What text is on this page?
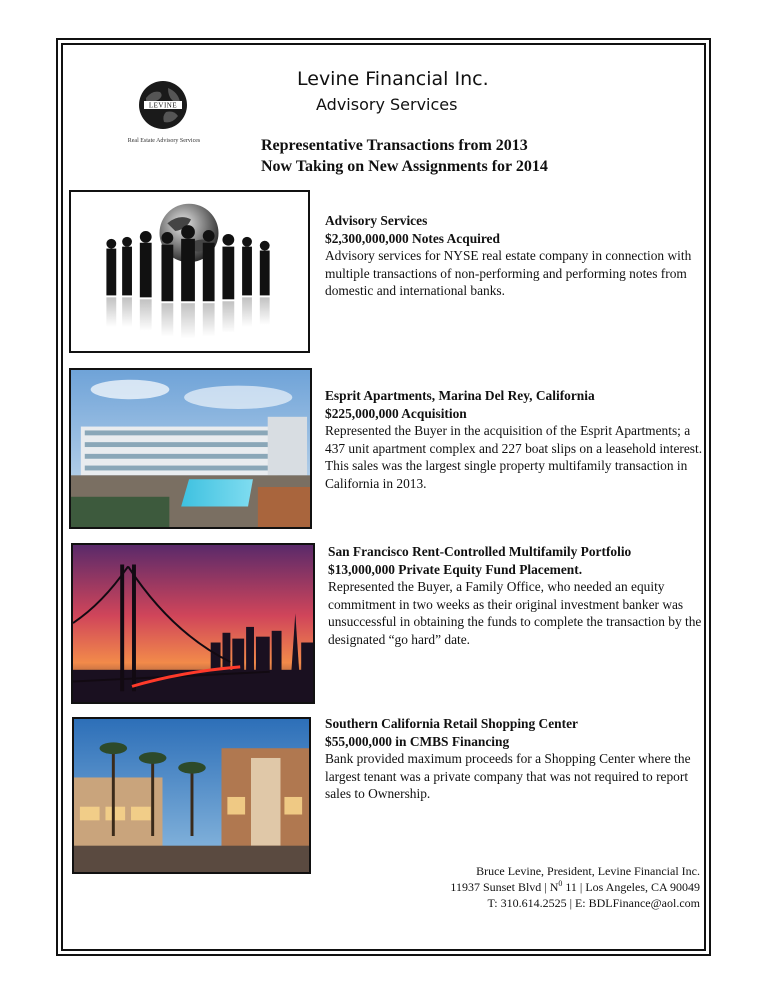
LEVINE
Real Estate Advisory Services
Levine Financial Inc.
Advisory Services
Representative Transactions from 2013
Now Taking on New Assignments for 2014
Advisory Services
$2,300,000,000 Notes Acquired
Advisory services for NYSE real estate company in connection with multiple transactions of non-performing and performing notes from domestic and international banks.
Esprit Apartments, Marina Del Rey, California
$225,000,000 Acquisition
Represented the Buyer in the acquisition of the Esprit Apartments; a 437 unit apartment complex and 227 boat slips on a leasehold interest. This sales was the largest single property multifamily transaction in California in 2013.
San Francisco Rent-Controlled Multifamily Portfolio
$13,000,000 Private Equity Fund Placement.
Represented the Buyer, a Family Office, who needed an equity commitment in two weeks as their original investment banker was unsuccessful in obtaining the funds to complete the transaction by the designated “go hard” date.
Southern California Retail Shopping Center
$55,000,000 in CMBS Financing
Bank provided maximum proceeds for a Shopping Center where the largest tenant was a private company that was not required to report sales to Ownership.
Bruce Levine, President, Levine Financial Inc.
11937 Sunset Blvd | $N^0$ 11 | Los Angeles, CA 90049
T: 310.614.2525 | E: BDLFinance@aol.com
